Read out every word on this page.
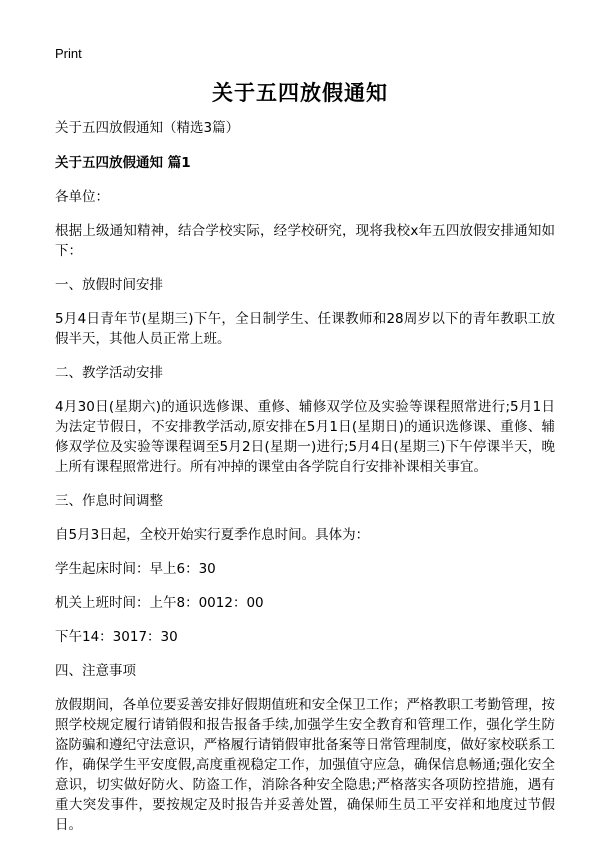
Print
关于五四放假通知

关于五四放假通知（精选3篇）

关于五四放假通知 篇1

各单位：

根据上级通知精神，结合学校实际，经学校研究，现将我校x年五四放假安排通知如下：

一、放假时间安排

5月4日青年节(星期三)下午，全日制学生、任课教师和28周岁以下的青年教职工放假半天，其他人员正常上班。

二、教学活动安排

4月30日(星期六)的通识选修课、重修、辅修双学位及实验等课程照常进行;5月1日为法定节假日，不安排教学活动,原安排在5月1日(星期日)的通识选修课、重修、辅修双学位及实验等课程调至5月2日(星期一)进行;5月4日(星期三)下午停课半天，晚上所有课程照常进行。所有冲掉的课堂由各学院自行安排补课相关事宜。

三、作息时间调整

自5月3日起，全校开始实行夏季作息时间。具体为：

学生起床时间：早上6：30

机关上班时间：上午8：0012：00

下午14：3017：30

四、注意事项

放假期间，各单位要妥善安排好假期值班和安全保卫工作；严格教职工考勤管理，按照学校规定履行请销假和报告报备手续,加强学生安全教育和管理工作，强化学生防盗防骗和遵纪守法意识，严格履行请销假审批备案等日常管理制度，做好家校联系工作，确保学生平安度假,高度重视稳定工作，加强值守应急，确保信息畅通;强化安全意识，切实做好防火、防盗工作，消除各种安全隐患;严格落实各项防控措施，遇有重大突发事件，要按规定及时报告并妥善处置，确保师生员工平安祥和地度过节假日。
